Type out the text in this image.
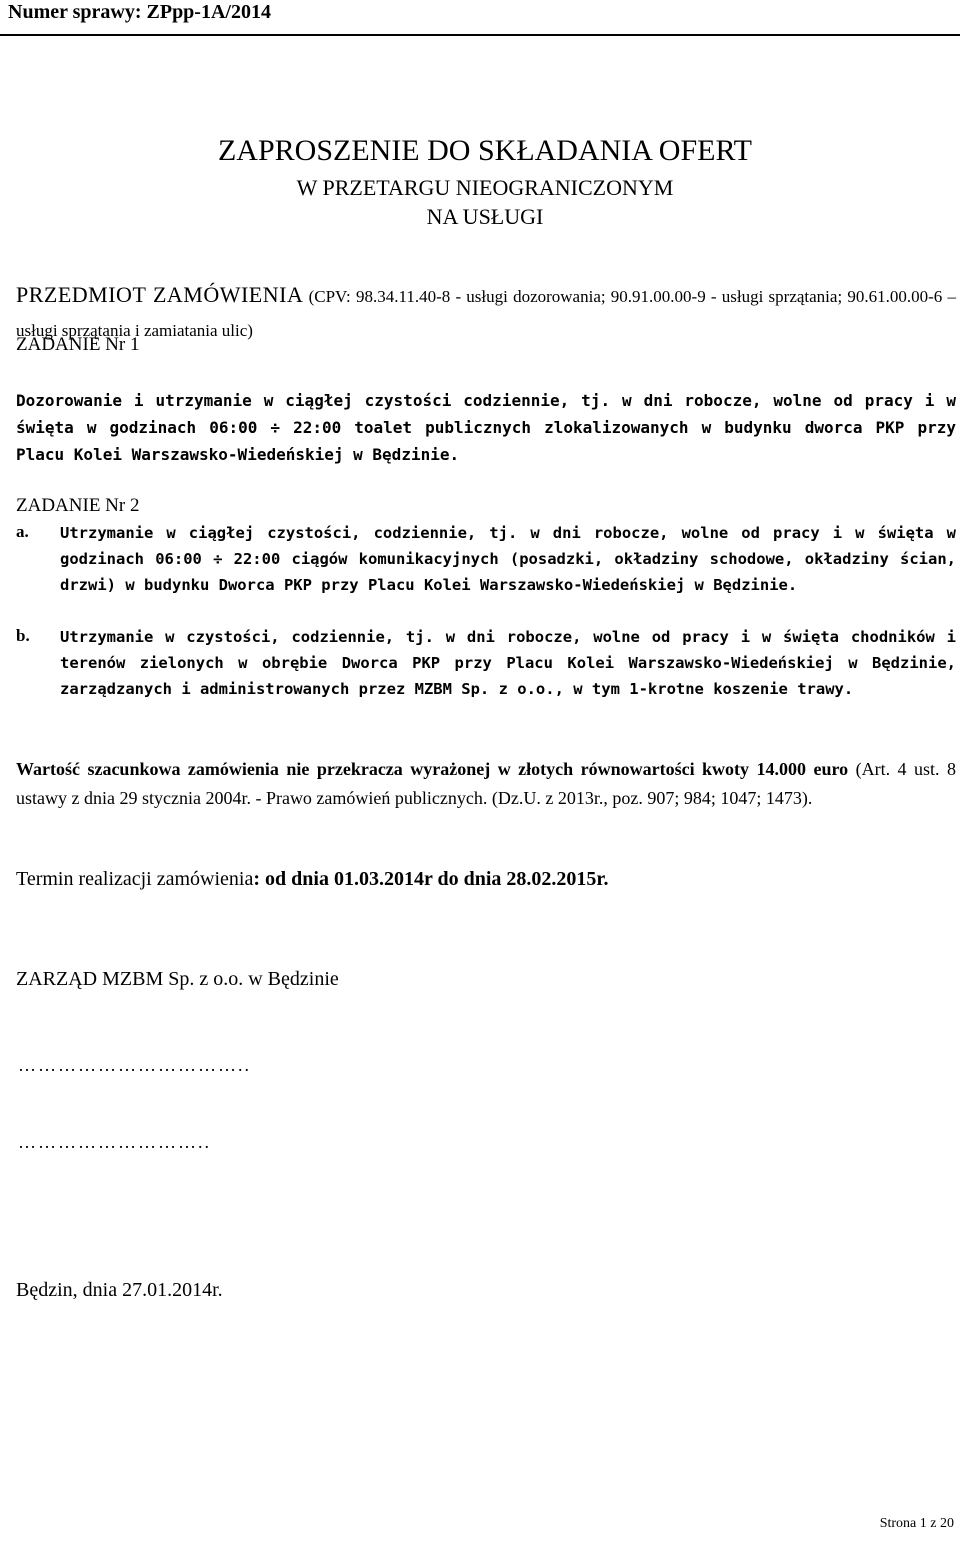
Numer sprawy: ZPpp-1A/2014
ZAPROSZENIE DO SKŁADANIA OFERT
W PRZETARGU NIEOGRANICZONYM
NA USŁUGI
PRZEDMIOT ZAMÓWIENIA (CPV: 98.34.11.40-8 - usługi dozorowania; 90.91.00.00-9 - usługi sprzątania; 90.61.00.00-6 – usługi sprzątania i zamiatania ulic)
ZADANIE Nr 1
Dozorowanie i utrzymanie w ciągłej czystości codziennie, tj. w dni robocze, wolne od pracy i w święta w godzinach 06:00 ÷ 22:00 toalet publicznych zlokalizowanych w budynku dworca PKP przy Placu Kolei Warszawsko-Wiedeńskiej w Będzinie.
ZADANIE Nr 2
a. Utrzymanie w ciągłej czystości, codziennie, tj. w dni robocze, wolne od pracy i w święta w godzinach 06:00 ÷ 22:00 ciągów komunikacyjnych (posadzki, okładziny schodowe, okładziny ścian, drzwi) w budynku Dworca PKP przy Placu Kolei Warszawsko-Wiedeńskiej w Będzinie.
b. Utrzymanie w czystości, codziennie, tj. w dni robocze, wolne od pracy i w święta chodników i terenów zielonych w obrębie Dworca PKP przy Placu Kolei Warszawsko-Wiedeńskiej w Będzinie, zarządzanych i administrowanych przez MZBM Sp. z o.o., w tym 1-krotne koszenie trawy.
Wartość szacunkowa zamówienia nie przekracza wyrażonej w złotych równowartości kwoty 14.000 euro (Art. 4 ust. 8 ustawy z dnia 29 stycznia 2004r. - Prawo zamówień publicznych. (Dz.U. z 2013r., poz. 907; 984; 1047; 1473).
Termin realizacji zamówienia: od dnia 01.03.2014r do dnia 28.02.2015r.
ZARZĄD MZBM Sp. z o.o. w Będzinie
……………………………..
………………………..
Będzin, dnia 27.01.2014r.
Strona 1 z 20
